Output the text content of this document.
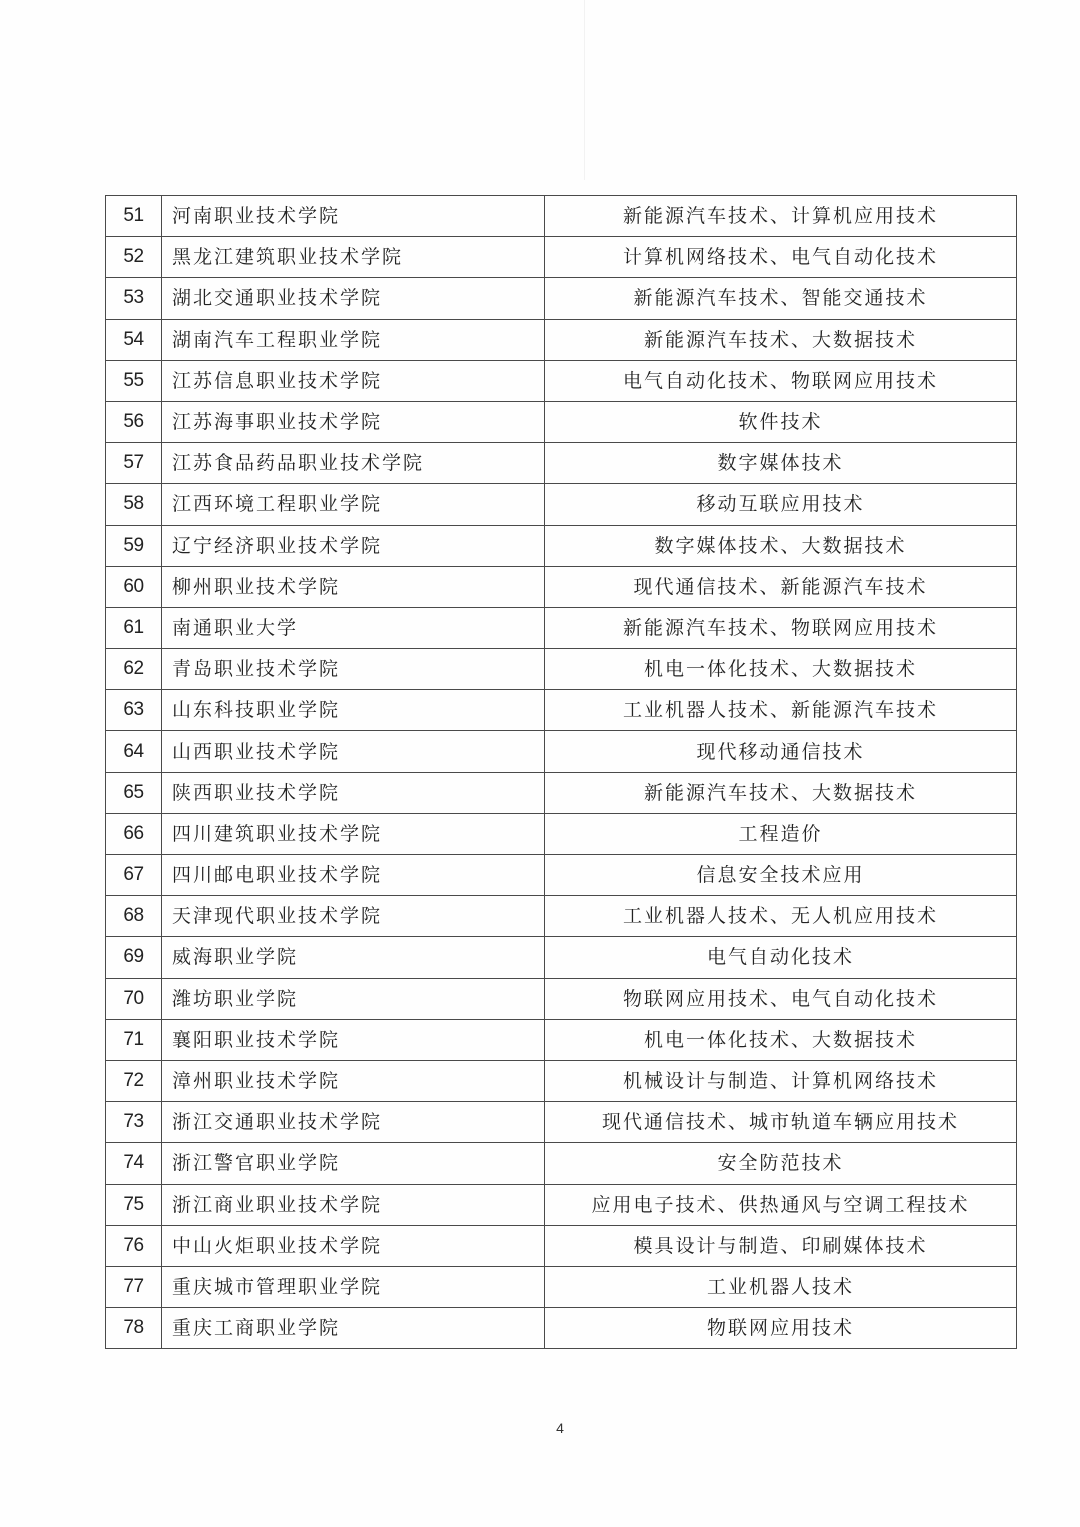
51	河南职业技术学院	新能源汽车技术、计算机应用技术
52	黑龙江建筑职业技术学院	计算机网络技术、电气自动化技术
53	湖北交通职业技术学院	新能源汽车技术、智能交通技术
54	湖南汽车工程职业学院	新能源汽车技术、大数据技术
55	江苏信息职业技术学院	电气自动化技术、物联网应用技术
56	江苏海事职业技术学院	软件技术
57	江苏食品药品职业技术学院	数字媒体技术
58	江西环境工程职业学院	移动互联应用技术
59	辽宁经济职业技术学院	数字媒体技术、大数据技术
60	柳州职业技术学院	现代通信技术、新能源汽车技术
61	南通职业大学	新能源汽车技术、物联网应用技术
62	青岛职业技术学院	机电一体化技术、大数据技术
63	山东科技职业学院	工业机器人技术、新能源汽车技术
64	山西职业技术学院	现代移动通信技术
65	陕西职业技术学院	新能源汽车技术、大数据技术
66	四川建筑职业技术学院	工程造价
67	四川邮电职业技术学院	信息安全技术应用
68	天津现代职业技术学院	工业机器人技术、无人机应用技术
69	威海职业学院	电气自动化技术
70	潍坊职业学院	物联网应用技术、电气自动化技术
71	襄阳职业技术学院	机电一体化技术、大数据技术
72	漳州职业技术学院	机械设计与制造、计算机网络技术
73	浙江交通职业技术学院	现代通信技术、城市轨道车辆应用技术
74	浙江警官职业学院	安全防范技术
75	浙江商业职业技术学院	应用电子技术、供热通风与空调工程技术
76	中山火炬职业技术学院	模具设计与制造、印刷媒体技术
77	重庆城市管理职业学院	工业机器人技术
78	重庆工商职业学院	物联网应用技术
4
